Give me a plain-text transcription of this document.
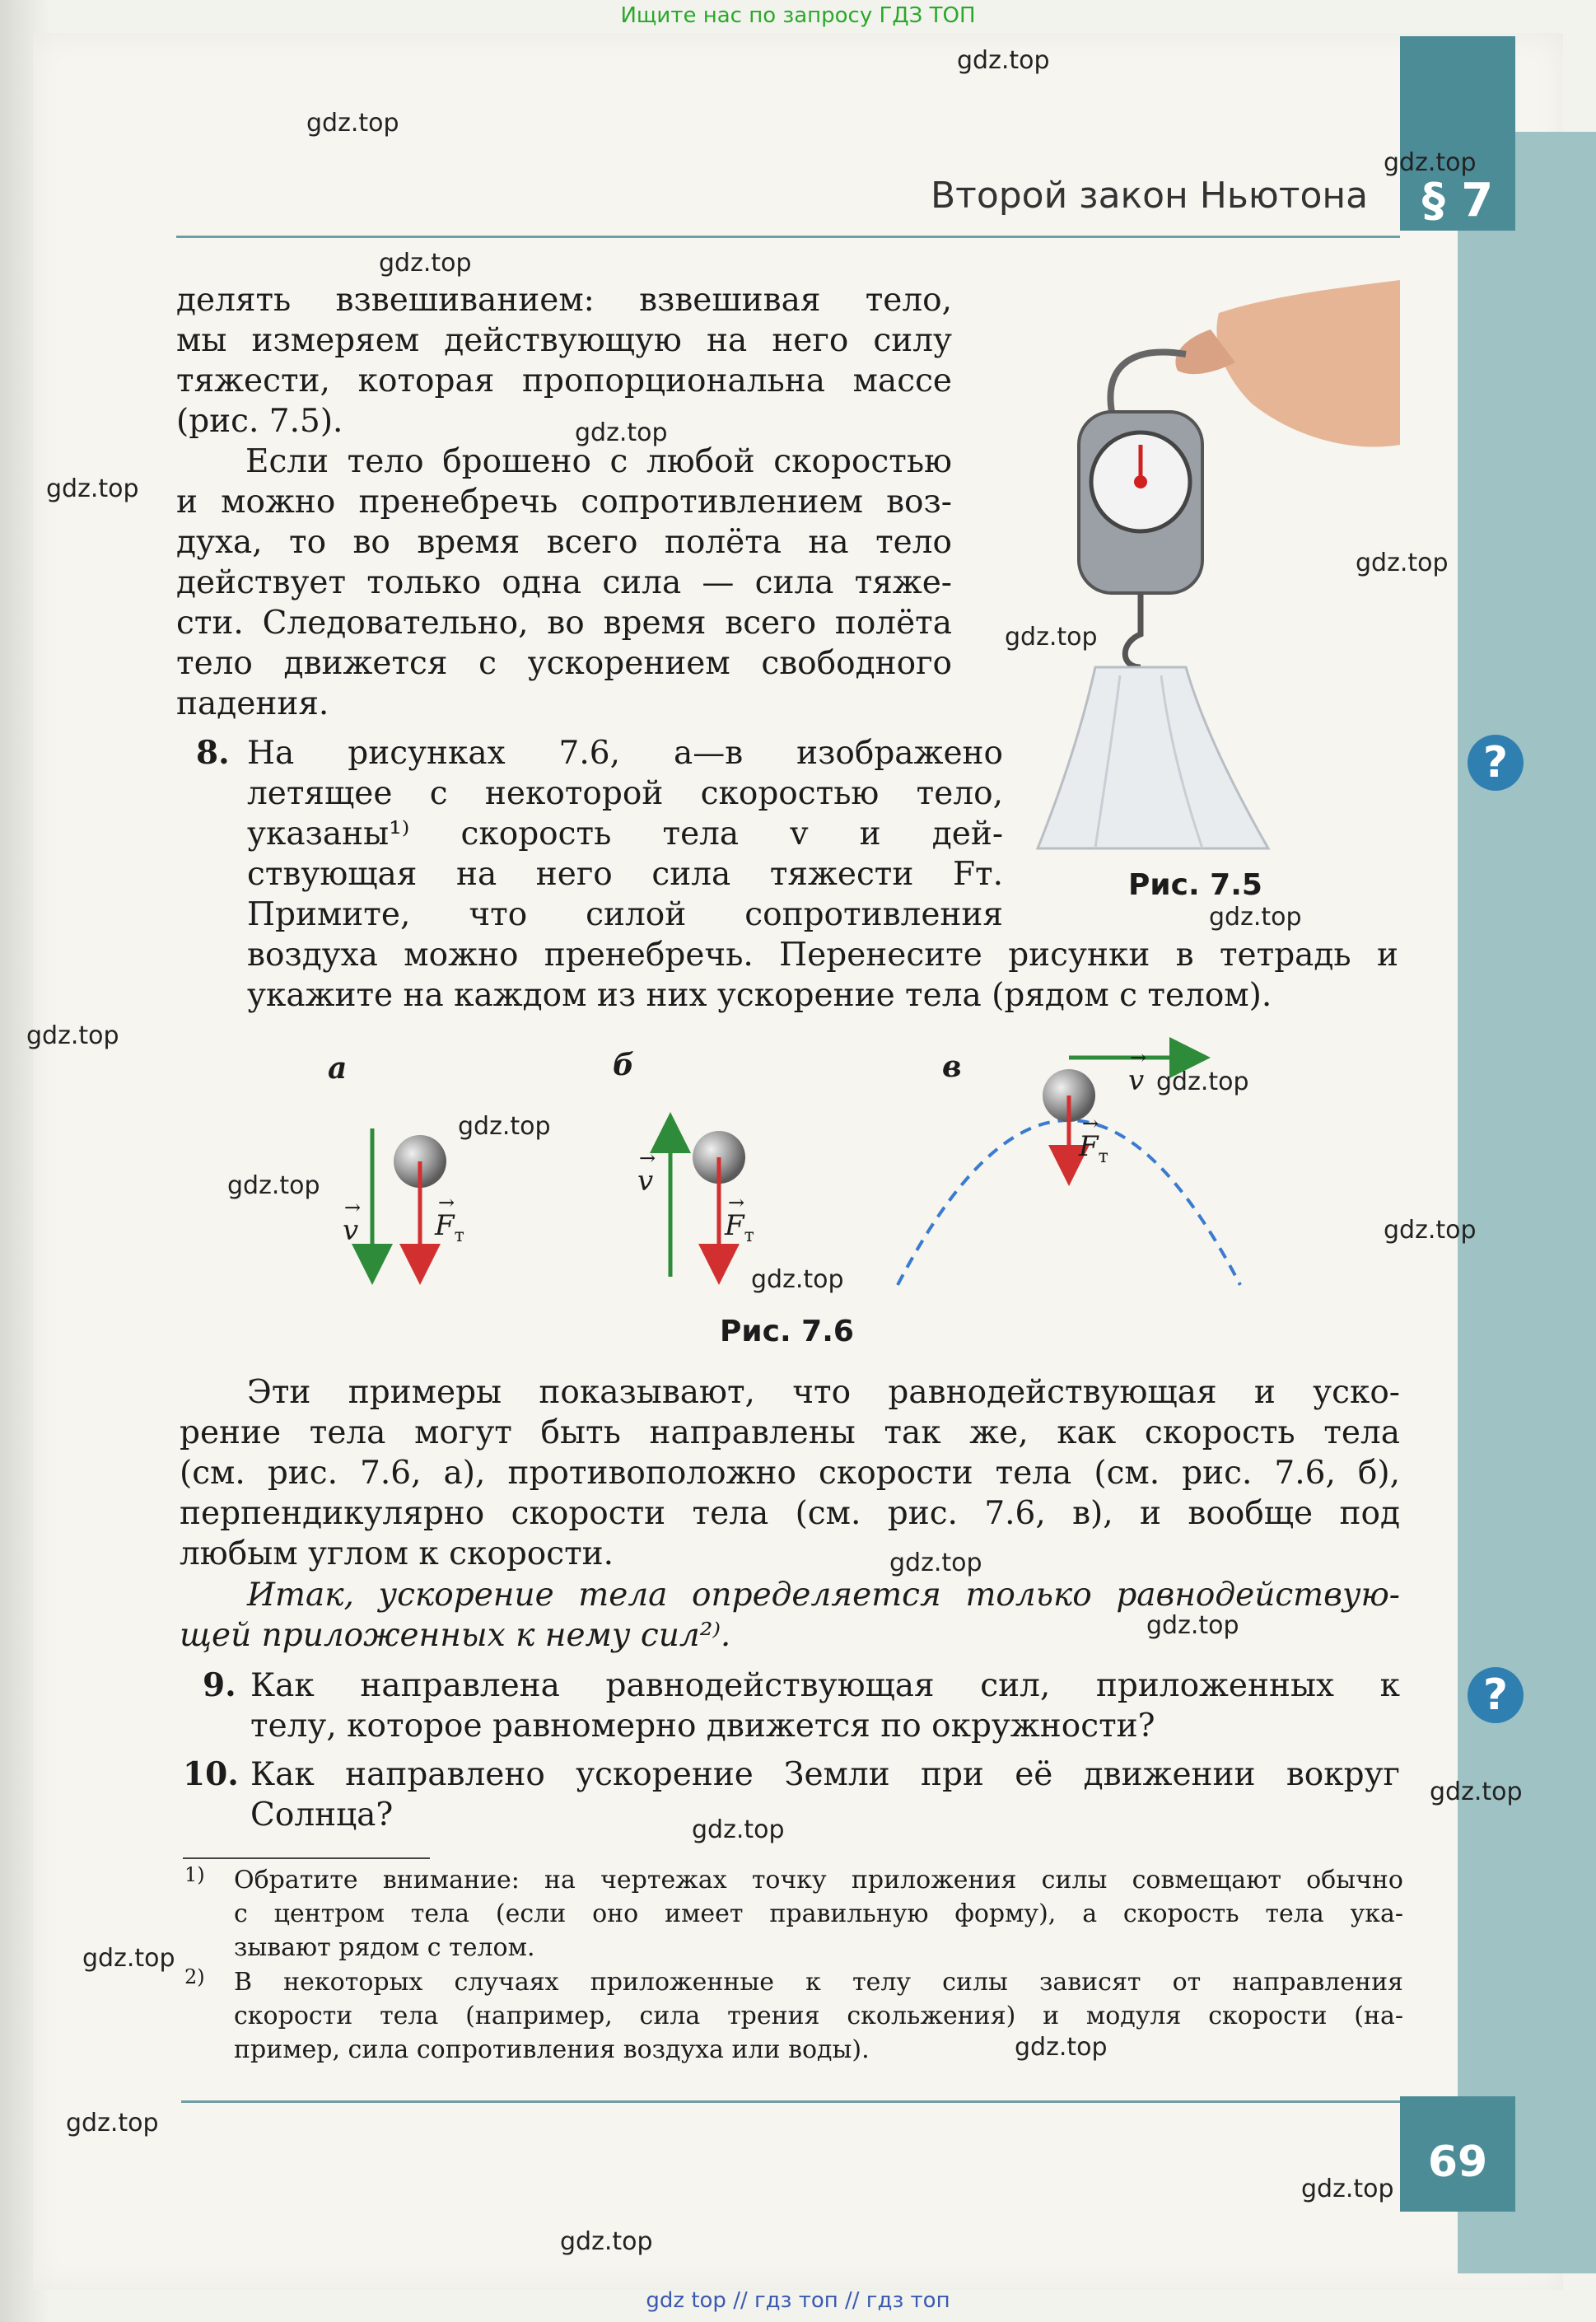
Ищите нас по запросу ГДЗ ТОП
Второй закон Ньютона § 7
делять взвешиванием: взвешивая тело,
мы измеряем действующую на него силу
тяжести, которая пропорциональна массе
(рис. 7.5).
Если тело брошено с любой скоростью
и можно пренебречь сопротивлением воз-
духа, то во время всего полёта на тело
действует только одна сила — сила тяже-
сти. Следовательно, во время всего полёта
тело движется с ускорением свободного
падения.
Рис. 7.5
8. На рисунках 7.6, а—в изображено
летящее с некоторой скоростью тело,
указаны¹⁾ скорость тела v и дей-
ствующая на него сила тяжести Fт.
Примите, что силой сопротивления
воздуха можно пренебречь. Перенесите рисунки в тетрадь и
укажите на каждом из них ускорение тела (рядом с телом).
?
а	б	в
→
v
→
$F_т$
→
v
→
$F_т$
→
v
→
$F_т$
Рис. 7.6
Эти примеры показывают, что равнодействующая и уско-
рение тела могут быть направлены так же, как скорость тела
(см. рис. 7.6, а), противоположно скорости тела (см. рис. 7.6, б),
перпендикулярно скорости тела (см. рис. 7.6, в), и вообще под
любым углом к скорости.
Итак, ускорение тела определяется только равнодействую-
щей приложенных к нему сил²⁾.
9. Как направлена равнодействующая сил, приложенных к
телу, которое равномерно движется по окружности?
?
10. Как направлено ускорение Земли при её движении вокруг
Солнца?
1) Обратите внимание: на чертежах точку приложения силы совмещают обычно
с центром тела (если оно имеет правильную форму), а скорость тела ука-
зывают рядом с телом.
2) В некоторых случаях приложенные к телу силы зависят от направления
скорости тела (например, сила трения скольжения) и модуля скорости (на-
пример, сила сопротивления воздуха или воды).
69
gdz.top
gdz.top
gdz.top
gdz.top
gdz.top
gdz.top
gdz.top
gdz.top
gdz.top
gdz.top
gdz.top
gdz.top
gdz.top
gdz.top
gdz.top
gdz.top
gdz.top
gdz.top
gdz.top
gdz.top
gdz.top
gdz.top
gdz.top
gdz.top
gdz top // гдз топ // гдз топ
